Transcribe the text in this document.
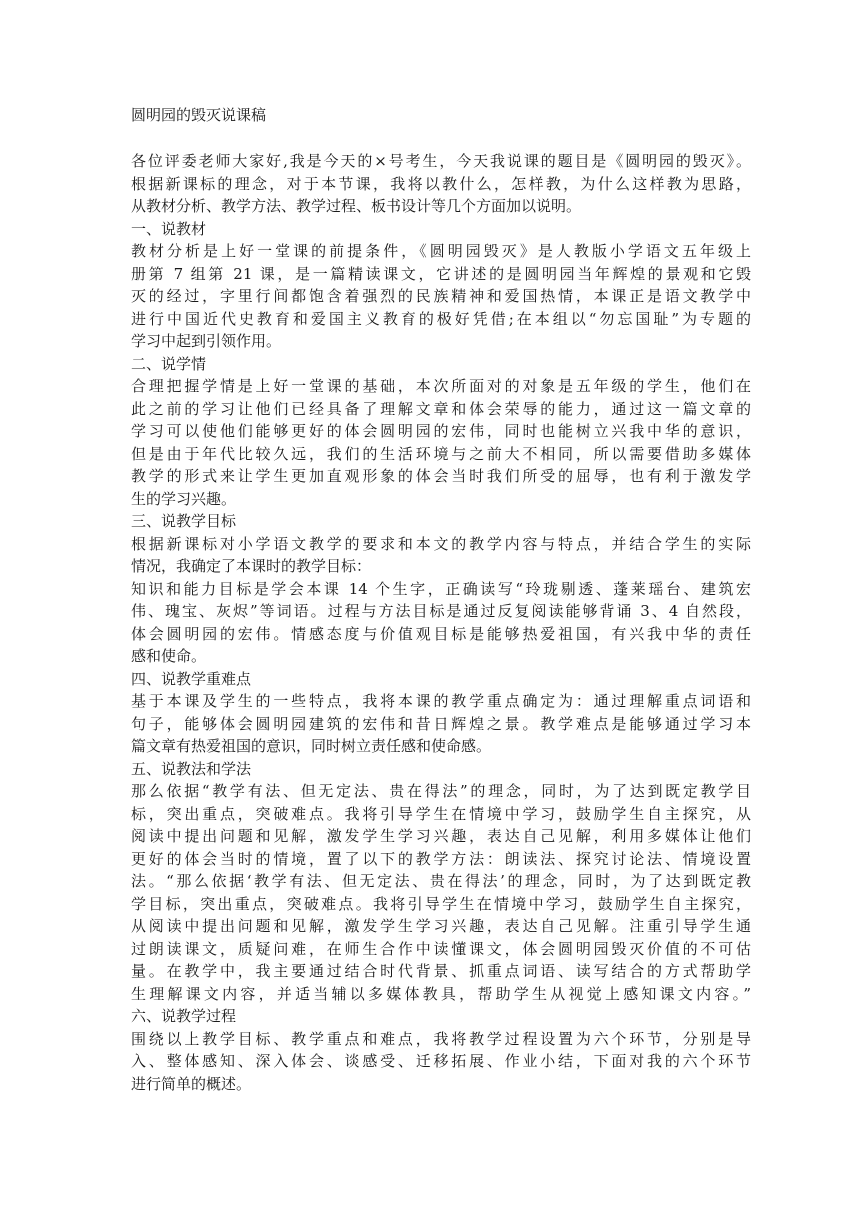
圆明园的毁灭说课稿
各位评委老师大家好,我是今天的×号考生，今天我说课的题目是《圆明园的毁灭》。
根据新课标的理念，对于本节课，我将以教什么，怎样教，为什么这样教为思路，
从教材分析、教学方法、教学过程、板书设计等几个方面加以说明。
一、说教材
教材分析是上好一堂课的前提条件，《圆明园毁灭》是人教版小学语文五年级上
册第 7 组第 21 课，是一篇精读课文，它讲述的是圆明园当年辉煌的景观和它毁
灭的经过，字里行间都饱含着强烈的民族精神和爱国热情，本课正是语文教学中
进行中国近代史教育和爱国主义教育的极好凭借;在本组以“勿忘国耻”为专题的
学习中起到引领作用。
二、说学情
合理把握学情是上好一堂课的基础，本次所面对的对象是五年级的学生，他们在
此之前的学习让他们已经具备了理解文章和体会荣辱的能力，通过这一篇文章的
学习可以使他们能够更好的体会圆明园的宏伟，同时也能树立兴我中华的意识，
但是由于年代比较久远，我们的生活环境与之前大不相同，所以需要借助多媒体
教学的形式来让学生更加直观形象的体会当时我们所受的屈辱，也有利于激发学
生的学习兴趣。
三、说教学目标
根据新课标对小学语文教学的要求和本文的教学内容与特点，并结合学生的实际
情况，我确定了本课时的教学目标：
知识和能力目标是学会本课 14 个生字，正确读写“玲珑剔透、蓬莱瑶台、建筑宏
伟、瑰宝、灰烬”等词语。过程与方法目标是通过反复阅读能够背诵 3、4 自然段，
体会圆明园的宏伟。情感态度与价值观目标是能够热爱祖国，有兴我中华的责任
感和使命。
四、说教学重难点
基于本课及学生的一些特点，我将本课的教学重点确定为：通过理解重点词语和
句子，能够体会圆明园建筑的宏伟和昔日辉煌之景。教学难点是能够通过学习本
篇文章有热爱祖国的意识，同时树立责任感和使命感。
五、说教法和学法
那么依据“教学有法、但无定法、贵在得法”的理念，同时，为了达到既定教学目
标，突出重点，突破难点。我将引导学生在情境中学习，鼓励学生自主探究，从
阅读中提出问题和见解，激发学生学习兴趣，表达自己见解，利用多媒体让他们
更好的体会当时的情境，置了以下的教学方法：朗读法、探究讨论法、情境设置
法。“那么依据‘教学有法、但无定法、贵在得法’的理念，同时，为了达到既定教
学目标，突出重点，突破难点。我将引导学生在情境中学习，鼓励学生自主探究，
从阅读中提出问题和见解，激发学生学习兴趣，表达自己见解。注重引导学生通
过朗读课文，质疑问难，在师生合作中读懂课文，体会圆明园毁灭价值的不可估
量。在教学中，我主要通过结合时代背景、抓重点词语、读写结合的方式帮助学
生理解课文内容，并适当辅以多媒体教具，帮助学生从视觉上感知课文内容。”
六、说教学过程
围绕以上教学目标、教学重点和难点，我将教学过程设置为六个环节，分别是导
入、整体感知、深入体会、谈感受、迁移拓展、作业小结，下面对我的六个环节
进行简单的概述。
